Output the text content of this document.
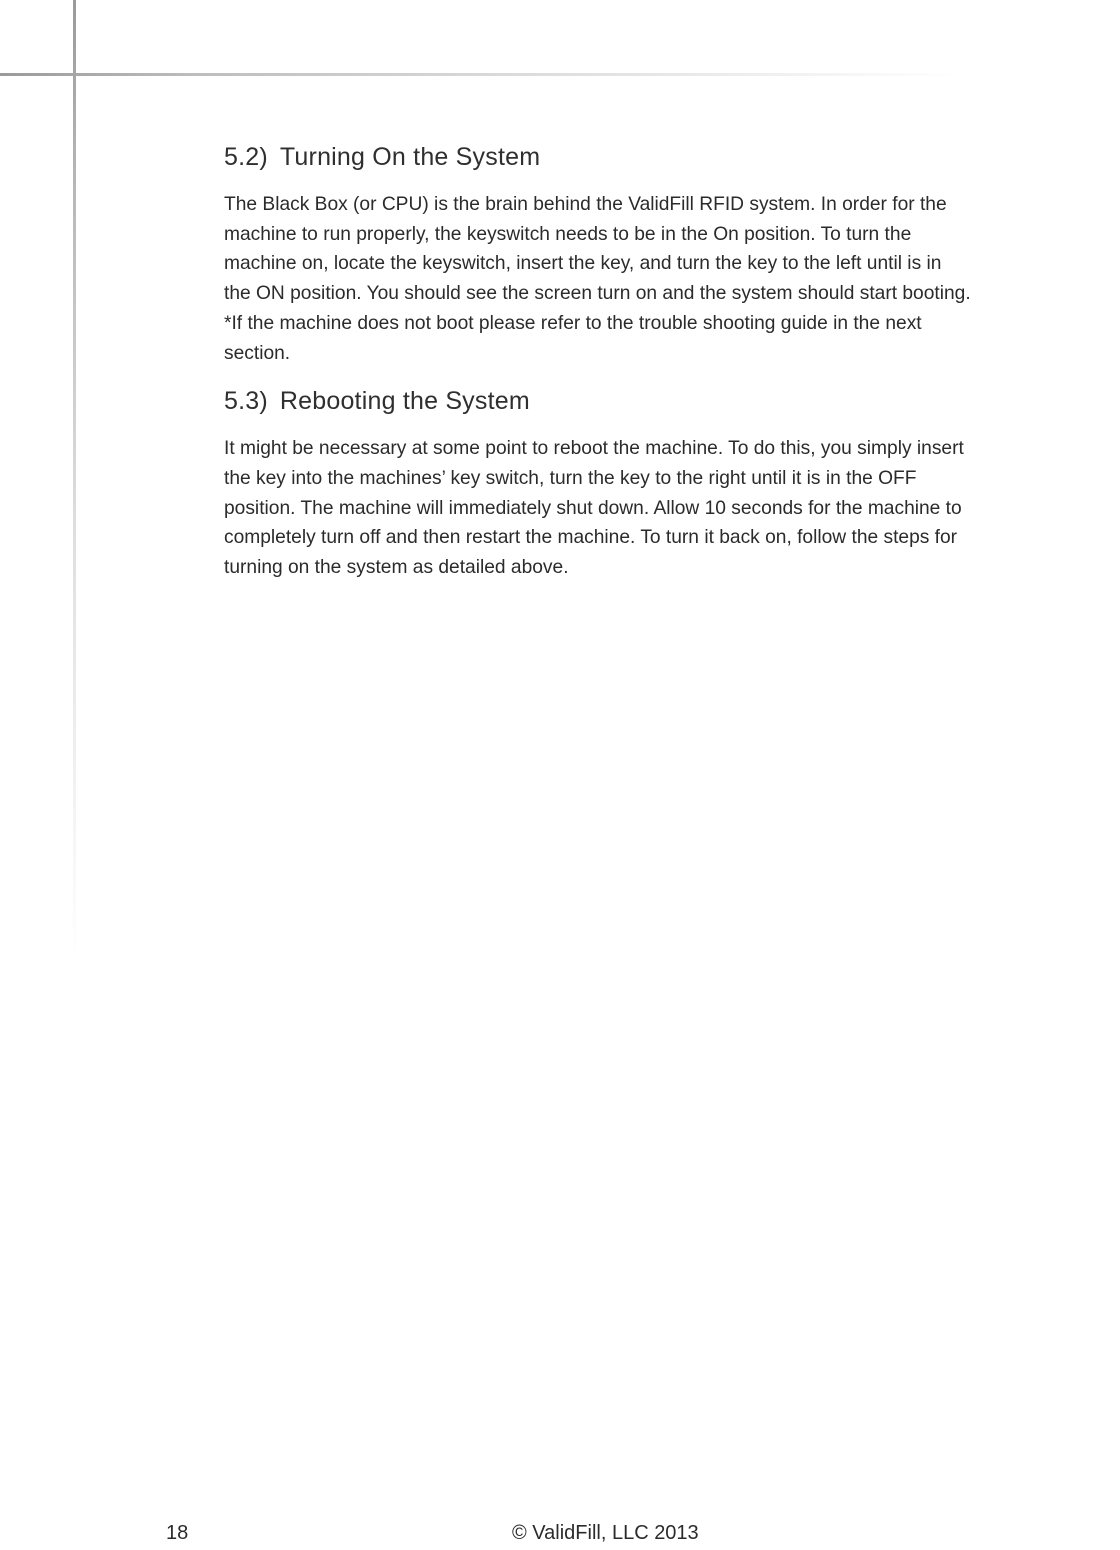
5.2) Turning On the System

The Black Box (or CPU) is the brain behind the ValidFill RFID system. In order for the
machine to run properly, the keyswitch needs to be in the On position. To turn the
machine on, locate the keyswitch, insert the key, and turn the key to the left until is in
the ON position. You should see the screen turn on and the system should start booting.
*If the machine does not boot please refer to the trouble shooting guide in the next
section.

5.3) Rebooting the System

It might be necessary at some point to reboot the machine. To do this, you simply insert
the key into the machines’ key switch, turn the key to the right until it is in the OFF
position. The machine will immediately shut down. Allow 10 seconds for the machine to
completely turn off and then restart the machine. To turn it back on, follow the steps for
turning on the system as detailed above.

18	© ValidFill, LLC 2013
